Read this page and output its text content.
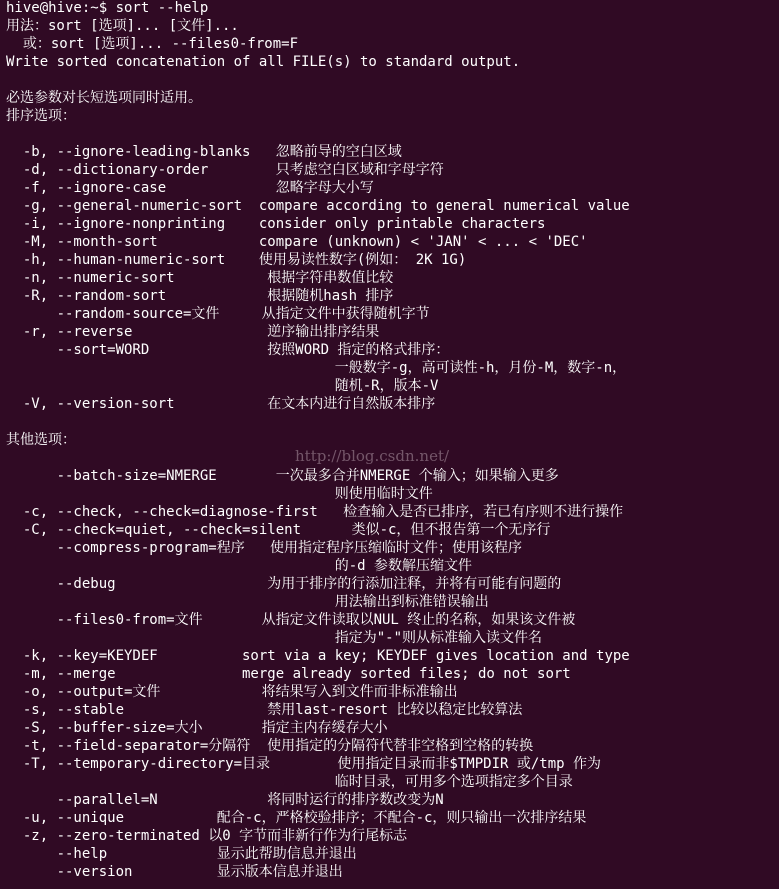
hive@hive:~$ sort --help
用法：sort [选项]... [文件]...
或：sort [选项]... --files0-from=F
Write sorted concatenation of all FILE(s) to standard output.
必选参数对长短选项同时适用。
排序选项：
-b, --ignore-leading-blanks   忽略前导的空白区域
-d, --dictionary-order        只考虑空白区域和字母字符
-f, --ignore-case             忽略字母大小写
-g, --general-numeric-sort  compare according to general numerical value
-i, --ignore-nonprinting    consider only printable characters
-M, --month-sort            compare (unknown) < 'JAN' < ... < 'DEC'
-h, --human-numeric-sort    使用易读性数字(例如： 2K 1G)
-n, --numeric-sort           根据字符串数值比较
-R, --random-sort            根据随机hash 排序
--random-source=文件     从指定文件中获得随机字节
-r, --reverse                逆序输出排序结果
--sort=WORD              按照WORD 指定的格式排序：
一般数字-g，高可读性-h，月份-M，数字-n，
随机-R，版本-V
-V, --version-sort           在文本内进行自然版本排序
其他选项：
--batch-size=NMERGE       一次最多合并NMERGE 个输入；如果输入更多
则使用临时文件
-c, --check, --check=diagnose-first   检查输入是否已排序，若已有序则不进行操作
-C, --check=quiet, --check=silent      类似-c，但不报告第一个无序行
--compress-program=程序   使用指定程序压缩临时文件；使用该程序
的-d 参数解压缩文件
--debug                  为用于排序的行添加注释，并将有可能有问题的
用法输出到标准错误输出
--files0-from=文件       从指定文件读取以NUL 终止的名称，如果该文件被
指定为"-"则从标准输入读文件名
-k, --key=KEYDEF          sort via a key; KEYDEF gives location and type
-m, --merge               merge already sorted files; do not sort
-o, --output=文件            将结果写入到文件而非标准输出
-s, --stable                 禁用last-resort 比较以稳定比较算法
-S, --buffer-size=大小       指定主内存缓存大小
-t, --field-separator=分隔符  使用指定的分隔符代替非空格到空格的转换
-T, --temporary-directory=目录        使用指定目录而非$TMPDIR 或/tmp 作为
临时目录，可用多个选项指定多个目录
--parallel=N             将同时运行的排序数改变为N
-u, --unique           配合-c，严格校验排序；不配合-c，则只输出一次排序结果
-z, --zero-terminated 以0 字节而非新行作为行尾标志
--help             显示此帮助信息并退出
--version          显示版本信息并退出
http://blog.csdn.net/
